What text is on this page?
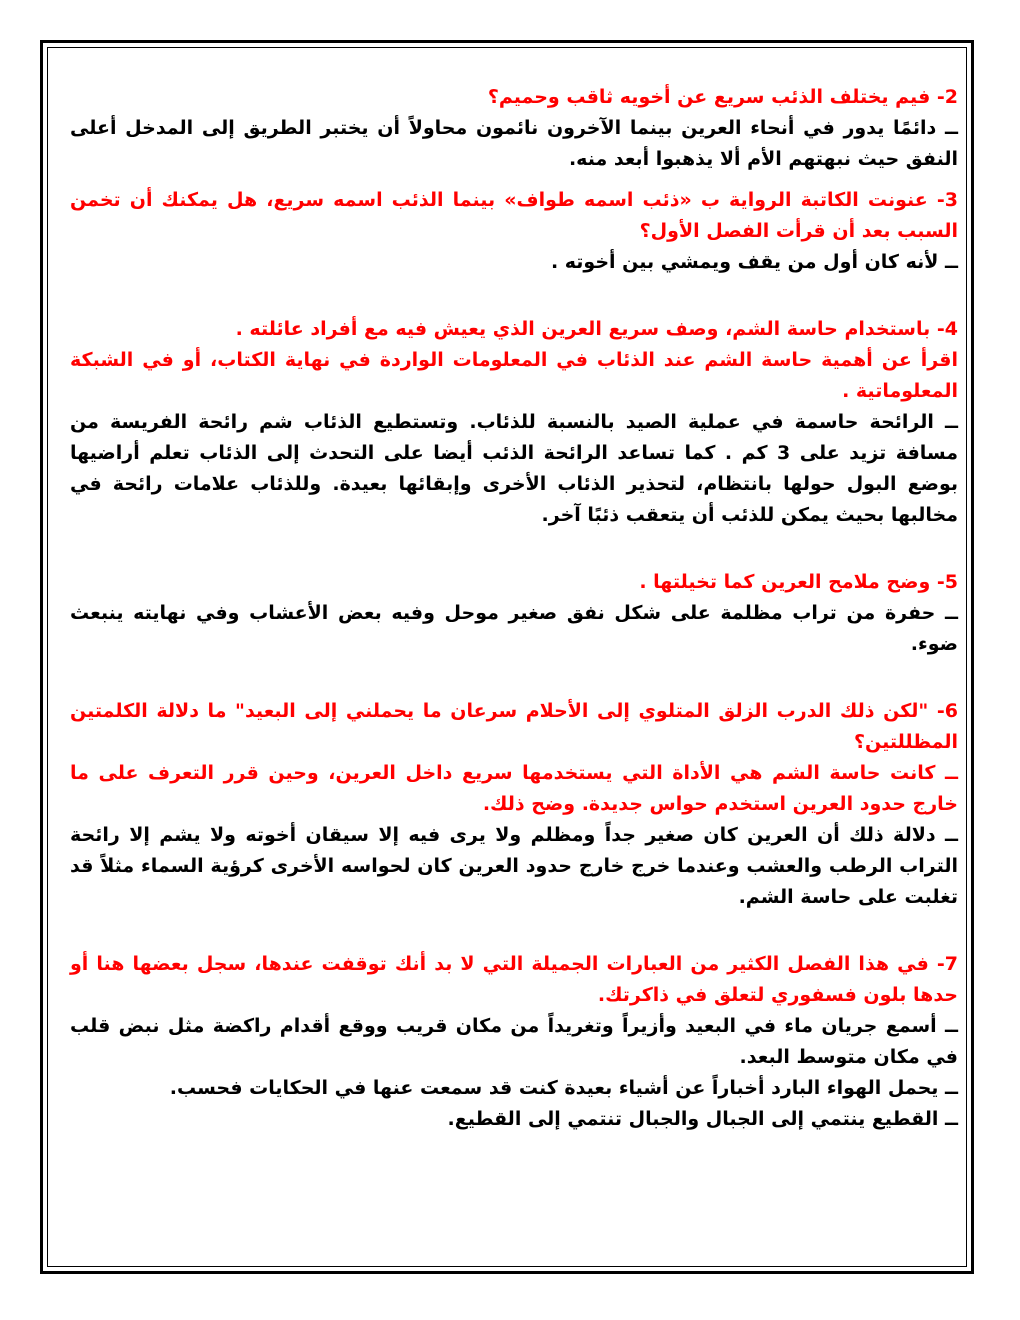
2- فيم يختلف الذئب سريع عن أخويه ثاقب وحميم؟

ــ دائمًا يدور في أنحاء العرين بينما الآخرون نائمون محاولاً أن يختبر الطريق إلى المدخل أعلى النفق حيث نبهتهم الأم ألا يذهبوا أبعد منه.

3- عنونت الكاتبة الرواية ب «ذئب اسمه طواف» بينما الذئب اسمه سريع، هل يمكنك أن تخمن السبب بعد أن قرأت الفصل الأول؟

ــ لأنه كان أول من يقف ويمشي بين أخوته .

4- باستخدام حاسة الشم، وصف سريع العرين الذي يعيش فيه مع أفراد عائلته .

اقرأ عن أهمية حاسة الشم عند الذئاب في المعلومات الواردة في نهاية الكتاب، أو في الشبكة المعلوماتية .

ــ الرائحة حاسمة في عملية الصيد بالنسبة للذئاب. وتستطيع الذئاب شم رائحة الفريسة من مسافة تزيد على 3 كم . كما تساعد الرائحة الذئب أيضا على التحدث إلى الذئاب تعلم أراضيها بوضع البول حولها بانتظام، لتحذير الذئاب الأخرى وإبقائها بعيدة. وللذئاب علامات رائحة في مخالبها بحيث يمكن للذئب أن يتعقب ذئبًا آخر.

5- وضح ملامح العرين كما تخيلتها .

ــ حفرة من تراب مظلمة على شكل نفق صغير موحل وفيه بعض الأعشاب وفي نهايته ينبعث ضوء.

6- "لكن ذلك الدرب الزلق المتلوي إلى الأحلام سرعان ما يحملني إلى البعيد" ما دلالة الكلمتين المظللتين؟

ــ كانت حاسة الشم هي الأداة التي يستخدمها سريع داخل العرين، وحين قرر التعرف على ما خارج حدود العرين استخدم حواس جديدة. وضح ذلك.

ــ دلالة ذلك أن العرين كان صغير جداً ومظلم ولا يرى فيه إلا سيقان أخوته ولا يشم إلا رائحة التراب الرطب والعشب وعندما خرج خارج حدود العرين كان لحواسه الأخرى كرؤية السماء مثلاً قد تغلبت على حاسة الشم.

7- في هذا الفصل الكثير من العبارات الجميلة التي لا بد أنك توقفت عندها، سجل بعضها هنا أو حدها بلون فسفوري لتعلق في ذاكرتك.

ــ أسمع جريان ماء في البعيد وأزيراً وتغريداً من مكان قريب ووقع أقدام راكضة مثل نبض قلب في مكان متوسط البعد.

ــ يحمل الهواء البارد أخباراً عن أشياء بعيدة كنت قد سمعت عنها في الحكايات فحسب.

ــ القطيع ينتمي إلى الجبال والجبال تنتمي إلى القطيع.
